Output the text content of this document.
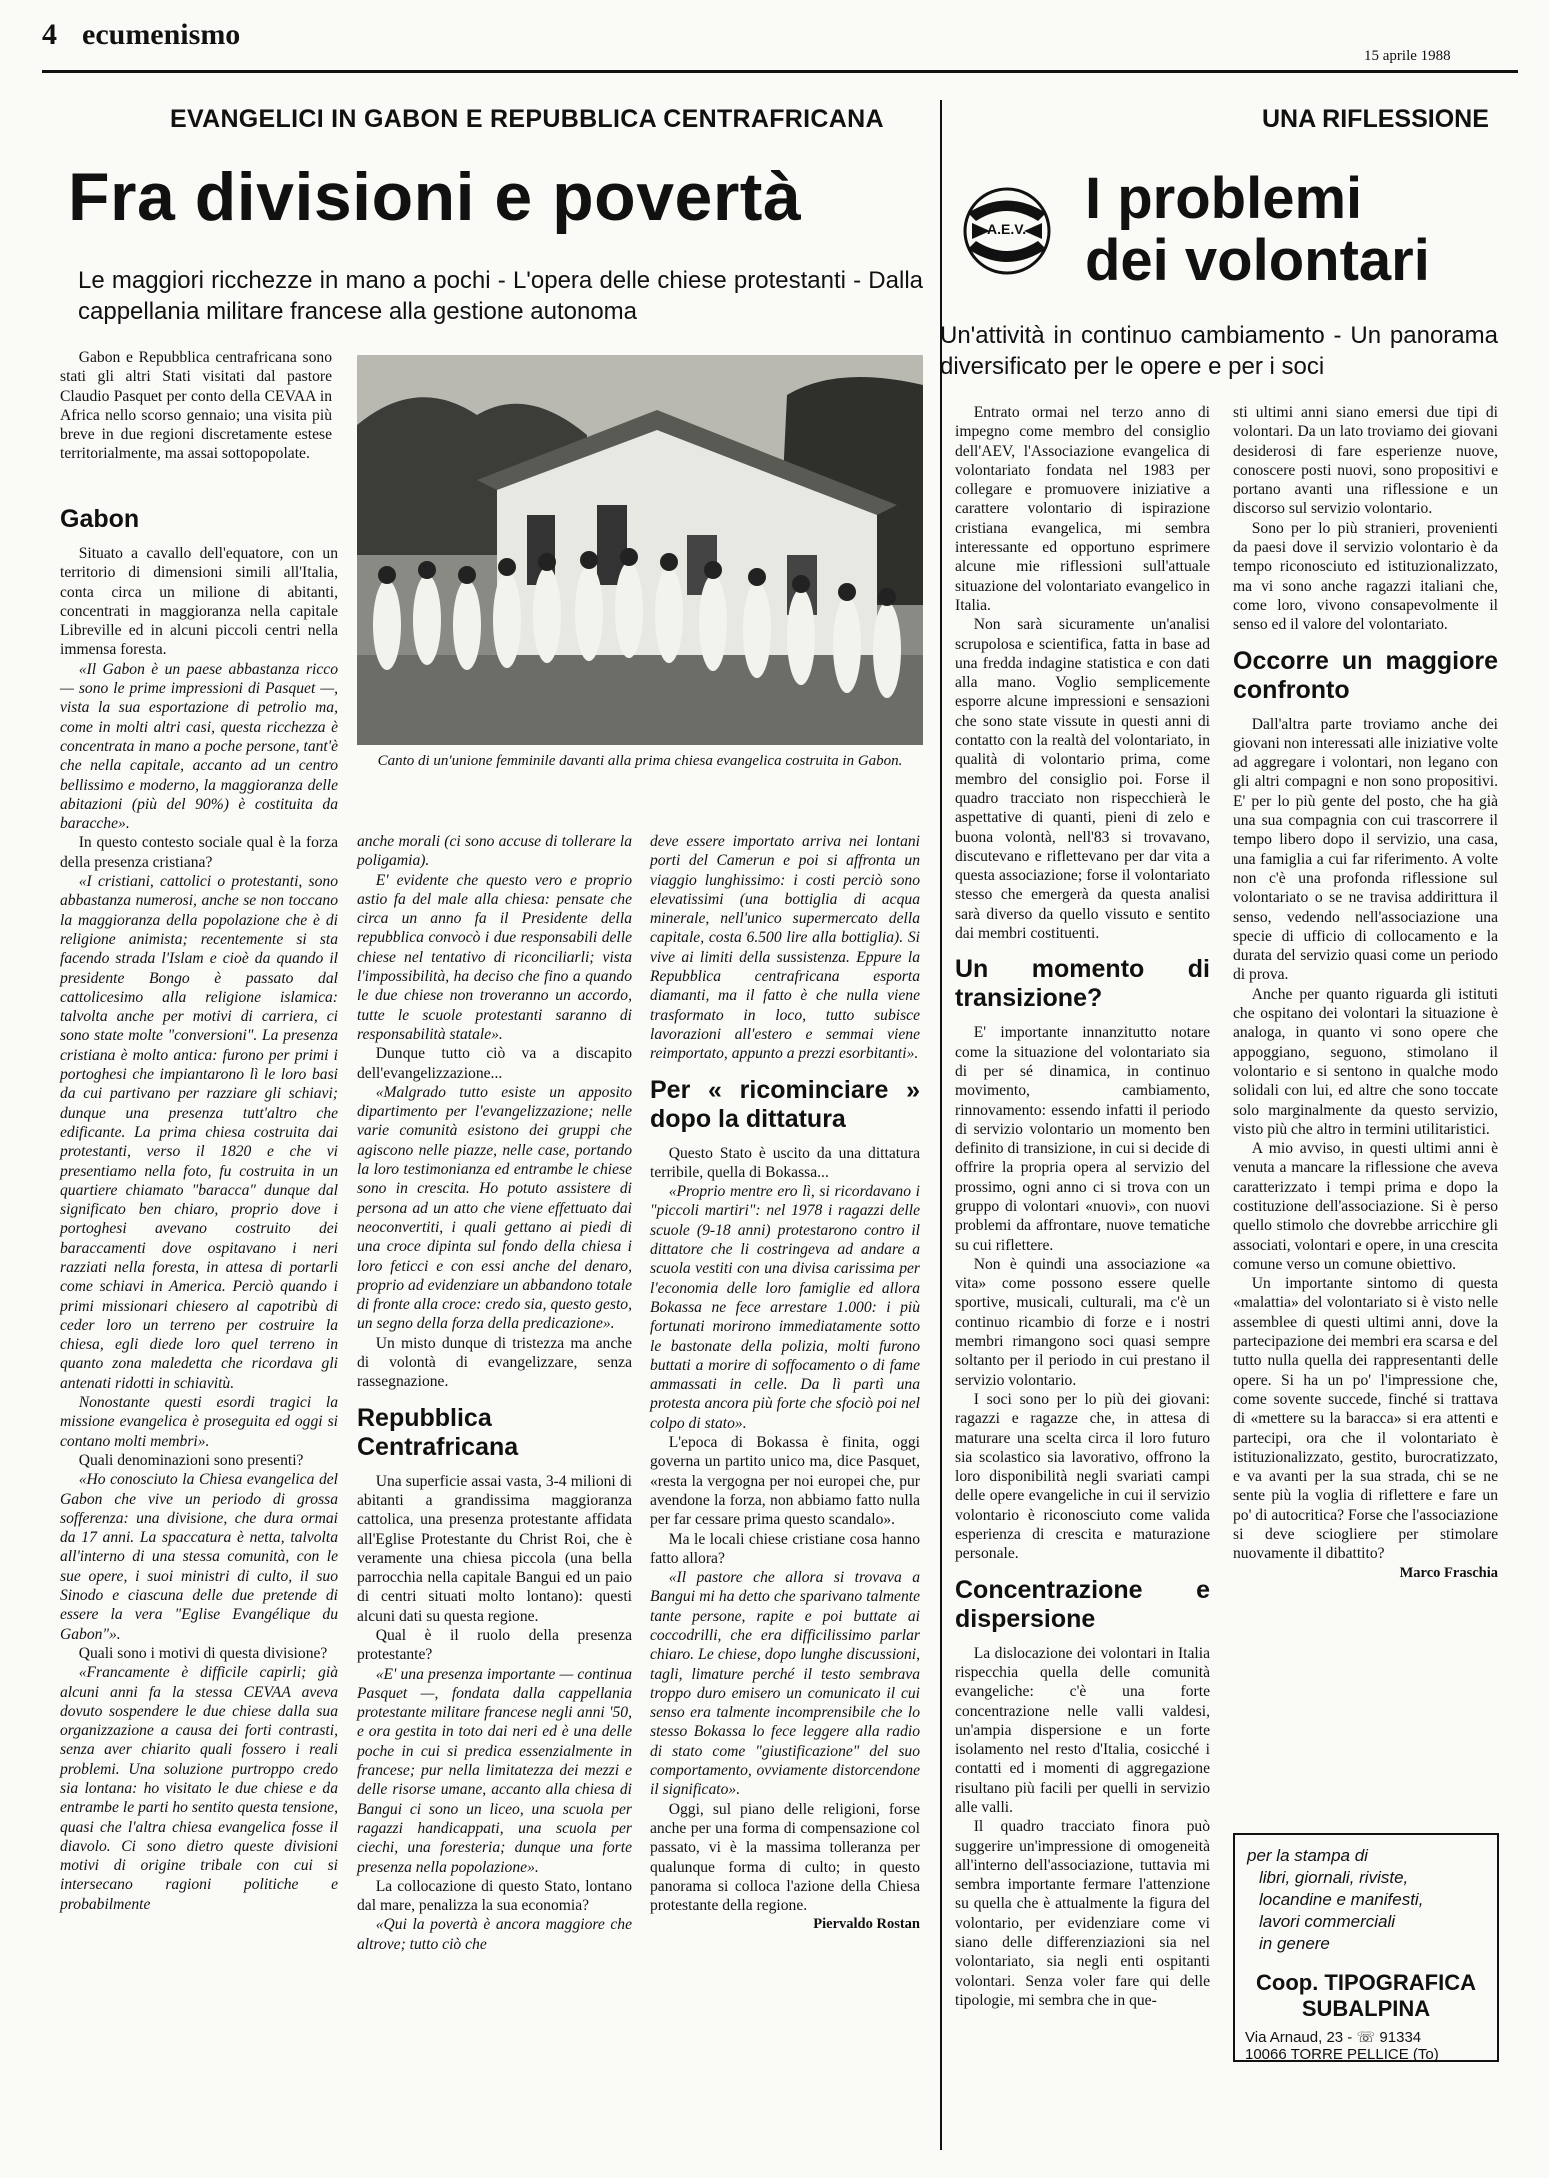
4 ecumenismo
15 aprile 1988
EVANGELICI IN GABON E REPUBBLICA CENTRAFRICANA
Fra divisioni e povertà
Le maggiori ricchezze in mano a pochi - L'opera delle chiese protestanti - Dalla cappellania militare francese alla gestione autonoma
Canto di un'unione femminile davanti alla prima chiesa evangelica costruita in Gabon.

Gabon e Repubblica centrafricana sono stati gli altri Stati visitati dal pastore Claudio Pasquet per conto della CEVAA in Africa nello scorso gennaio; una visita più breve in due regioni discretamente estese territorialmente, ma assai sottopopolate.

Gabon

Situato a cavallo dell'equatore, con un territorio di dimensioni simili all'Italia, conta circa un milione di abitanti, concentrati in maggioranza nella capitale Libreville ed in alcuni piccoli centri nella immensa foresta.

«Il Gabon è un paese abbastanza ricco — sono le prime impressioni di Pasquet —, vista la sua esportazione di petrolio ma, come in molti altri casi, questa ricchezza è concentrata in mano a poche persone, tant'è che nella capitale, accanto ad un centro bellissimo e moderno, la maggioranza delle abitazioni (più del 90%) è costituita da baracche».

In questo contesto sociale qual è la forza della presenza cristiana?

«I cristiani, cattolici o protestanti, sono abbastanza numerosi, anche se non toccano la maggioranza della popolazione che è di religione animista; recentemente si sta facendo strada l'Islam e cioè da quando il presidente Bongo è passato dal cattolicesimo alla religione islamica: talvolta anche per motivi di carriera, ci sono state molte "conversioni". La presenza cristiana è molto antica: furono per primi i portoghesi che impiantarono lì le loro basi da cui partivano per razziare gli schiavi; dunque una presenza tutt'altro che edificante. La prima chiesa costruita dai protestanti, verso il 1820 e che vi presentiamo nella foto, fu costruita in un quartiere chiamato "baracca" dunque dal significato ben chiaro, proprio dove i portoghesi avevano costruito dei baraccamenti dove ospitavano i neri razziati nella foresta, in attesa di portarli come schiavi in America. Perciò quando i primi missionari chiesero al capotribù di ceder loro un terreno per costruire la chiesa, egli diede loro quel terreno in quanto zona maledetta che ricordava gli antenati ridotti in schiavitù.

Nonostante questi esordi tragici la missione evangelica è proseguita ed oggi si contano molti membri».

Quali denominazioni sono presenti?

«Ho conosciuto la Chiesa evangelica del Gabon che vive un periodo di grossa sofferenza: una divisione, che dura ormai da 17 anni. La spaccatura è netta, talvolta all'interno di una stessa comunità, con le sue opere, i suoi ministri di culto, il suo Sinodo e ciascuna delle due pretende di essere la vera "Eglise Evangélique du Gabon"».

Quali sono i motivi di questa divisione?

«Francamente è difficile capirli; già alcuni anni fa la stessa CEVAA aveva dovuto sospendere le due chiese dalla sua organizzazione a causa dei forti contrasti, senza aver chiarito quali fossero i reali problemi. Una soluzione purtroppo credo sia lontana: ho visitato le due chiese e da entrambe le parti ho sentito questa tensione, quasi che l'altra chiesa evangelica fosse il diavolo. Ci sono dietro queste divisioni motivi di origine tribale con cui si intersecano ragioni politiche e probabilmente

anche morali (ci sono accuse di tollerare la poligamia).

E' evidente che questo vero e proprio astio fa del male alla chiesa: pensate che circa un anno fa il Presidente della repubblica convocò i due responsabili delle chiese nel tentativo di riconciliarli; vista l'impossibilità, ha deciso che fino a quando le due chiese non troveranno un accordo, tutte le scuole protestanti saranno di responsabilità statale».

Dunque tutto ciò va a discapito dell'evangelizzazione...

«Malgrado tutto esiste un apposito dipartimento per l'evangelizzazione; nelle varie comunità esistono dei gruppi che agiscono nelle piazze, nelle case, portando la loro testimonianza ed entrambe le chiese sono in crescita. Ho potuto assistere di persona ad un atto che viene effettuato dai neoconvertiti, i quali gettano ai piedi di una croce dipinta sul fondo della chiesa i loro feticci e con essi anche del denaro, proprio ad evidenziare un abbandono totale di fronte alla croce: credo sia, questo gesto, un segno della forza della predicazione».

Un misto dunque di tristezza ma anche di volontà di evangelizzare, senza rassegnazione.

Repubblica Centrafricana

Una superficie assai vasta, 3-4 milioni di abitanti a grandissima maggioranza cattolica, una presenza protestante affidata all'Eglise Protestante du Christ Roi, che è veramente una chiesa piccola (una bella parrocchia nella capitale Bangui ed un paio di centri situati molto lontano): questi alcuni dati su questa regione.

Qual è il ruolo della presenza protestante?

«E' una presenza importante — continua Pasquet —, fondata dalla cappellania protestante militare francese negli anni '50, e ora gestita in toto dai neri ed è una delle poche in cui si predica essenzialmente in francese; pur nella limitatezza dei mezzi e delle risorse umane, accanto alla chiesa di Bangui ci sono un liceo, una scuola per ragazzi handicappati, una scuola per ciechi, una foresteria; dunque una forte presenza nella popolazione».

La collocazione di questo Stato, lontano dal mare, penalizza la sua economia?

«Qui la povertà è ancora maggiore che altrove; tutto ciò che

deve essere importato arriva nei lontani porti del Camerun e poi si affronta un viaggio lunghissimo: i costi perciò sono elevatissimi (una bottiglia di acqua minerale, nell'unico supermercato della capitale, costa 6.500 lire alla bottiglia). Si vive ai limiti della sussistenza. Eppure la Repubblica centrafricana esporta diamanti, ma il fatto è che nulla viene trasformato in loco, tutto subisce lavorazioni all'estero e semmai viene reimportato, appunto a prezzi esorbitanti».

Per « ricominciare » dopo la dittatura

Questo Stato è uscito da una dittatura terribile, quella di Bokassa...

«Proprio mentre ero lì, si ricordavano i "piccoli martiri": nel 1978 i ragazzi delle scuole (9-18 anni) protestarono contro il dittatore che li costringeva ad andare a scuola vestiti con una divisa carissima per l'economia delle loro famiglie ed allora Bokassa ne fece arrestare 1.000: i più fortunati morirono immediatamente sotto le bastonate della polizia, molti furono buttati a morire di soffocamento o di fame ammassati in celle. Da lì partì una protesta ancora più forte che sfociò poi nel colpo di stato».

L'epoca di Bokassa è finita, oggi governa un partito unico ma, dice Pasquet, «resta la vergogna per noi europei che, pur avendone la forza, non abbiamo fatto nulla per far cessare prima questo scandalo».

Ma le locali chiese cristiane cosa hanno fatto allora?

«Il pastore che allora si trovava a Bangui mi ha detto che sparivano talmente tante persone, rapite e poi buttate ai coccodrilli, che era difficilissimo parlar chiaro. Le chiese, dopo lunghe discussioni, tagli, limature perché il testo sembrava troppo duro emisero un comunicato il cui senso era talmente incomprensibile che lo stesso Bokassa lo fece leggere alla radio di stato come "giustificazione" del suo comportamento, ovviamente distorcendone il significato».

Oggi, sul piano delle religioni, forse anche per una forma di compensazione col passato, vi è la massima tolleranza per qualunque forma di culto; in questo panorama si colloca l'azione della Chiesa protestante della regione.

Piervaldo Rostan

UNA RIFLESSIONE
A.E.V. I problemi
dei volontari
Un'attività in continuo cambiamento - Un panorama diversificato per le opere e per i soci

Entrato ormai nel terzo anno di impegno come membro del consiglio dell'AEV, l'Associazione evangelica di volontariato fondata nel 1983 per collegare e promuovere iniziative a carattere volontario di ispirazione cristiana evangelica, mi sembra interessante ed opportuno esprimere alcune mie riflessioni sull'attuale situazione del volontariato evangelico in Italia.

Non sarà sicuramente un'analisi scrupolosa e scientifica, fatta in base ad una fredda indagine statistica e con dati alla mano. Voglio semplicemente esporre alcune impressioni e sensazioni che sono state vissute in questi anni di contatto con la realtà del volontariato, in qualità di volontario prima, come membro del consiglio poi. Forse il quadro tracciato non rispecchierà le aspettative di quanti, pieni di zelo e buona volontà, nell'83 si trovavano, discutevano e riflettevano per dar vita a questa associazione; forse il volontariato stesso che emergerà da questa analisi sarà diverso da quello vissuto e sentito dai membri costituenti.

Un momento di transizione?

E' importante innanzitutto notare come la situazione del volontariato sia di per sé dinamica, in continuo movimento, cambiamento, rinnovamento: essendo infatti il periodo di servizio volontario un momento ben definito di transizione, in cui si decide di offrire la propria opera al servizio del prossimo, ogni anno ci si trova con un gruppo di volontari «nuovi», con nuovi problemi da affrontare, nuove tematiche su cui riflettere.

Non è quindi una associazione «a vita» come possono essere quelle sportive, musicali, culturali, ma c'è un continuo ricambio di forze e i nostri membri rimangono soci quasi sempre soltanto per il periodo in cui prestano il servizio volontario.

I soci sono per lo più dei giovani: ragazzi e ragazze che, in attesa di maturare una scelta circa il loro futuro sia scolastico sia lavorativo, offrono la loro disponibilità negli svariati campi delle opere evangeliche in cui il servizio volontario è riconosciuto come valida esperienza di crescita e maturazione personale.

Concentrazione e dispersione

La dislocazione dei volontari in Italia rispecchia quella delle comunità evangeliche: c'è una forte concentrazione nelle valli valdesi, un'ampia dispersione e un forte isolamento nel resto d'Italia, cosicché i contatti ed i momenti di aggregazione risultano più facili per quelli in servizio alle valli.

Il quadro tracciato finora può suggerire un'impressione di omogeneità all'interno dell'associazione, tuttavia mi sembra importante fermare l'attenzione su quella che è attualmente la figura del volontario, per evidenziare come vi siano delle differenziazioni sia nel volontariato, sia negli enti ospitanti volontari. Senza voler fare qui delle tipologie, mi sembra che in que-

sti ultimi anni siano emersi due tipi di volontari. Da un lato troviamo dei giovani desiderosi di fare esperienze nuove, conoscere posti nuovi, sono propositivi e portano avanti una riflessione e un discorso sul servizio volontario.

Sono per lo più stranieri, provenienti da paesi dove il servizio volontario è da tempo riconosciuto ed istituzionalizzato, ma vi sono anche ragazzi italiani che, come loro, vivono consapevolmente il senso ed il valore del volontariato.

Occorre un maggiore confronto

Dall'altra parte troviamo anche dei giovani non interessati alle iniziative volte ad aggregare i volontari, non legano con gli altri compagni e non sono propositivi. E' per lo più gente del posto, che ha già una sua compagnia con cui trascorrere il tempo libero dopo il servizio, una casa, una famiglia a cui far riferimento. A volte non c'è una profonda riflessione sul volontariato o se ne travisa addirittura il senso, vedendo nell'associazione una specie di ufficio di collocamento e la durata del servizio quasi come un periodo di prova.

Anche per quanto riguarda gli istituti che ospitano dei volontari la situazione è analoga, in quanto vi sono opere che appoggiano, seguono, stimolano il volontario e si sentono in qualche modo solidali con lui, ed altre che sono toccate solo marginalmente da questo servizio, visto più che altro in termini utilitaristici.

A mio avviso, in questi ultimi anni è venuta a mancare la riflessione che aveva caratterizzato i tempi prima e dopo la costituzione dell'associazione. Si è perso quello stimolo che dovrebbe arricchire gli associati, volontari e opere, in una crescita comune verso un comune obiettivo.

Un importante sintomo di questa «malattia» del volontariato si è visto nelle assemblee di questi ultimi anni, dove la partecipazione dei membri era scarsa e del tutto nulla quella dei rappresentanti delle opere. Si ha un po' l'impressione che, come sovente succede, finché si trattava di «mettere su la baracca» si era attenti e partecipi, ora che il volontariato è istituzionalizzato, gestito, burocratizzato, e va avanti per la sua strada, chi se ne sente più la voglia di riflettere e fare un po' di autocritica? Forse che l'associazione si deve sciogliere per stimolare nuovamente il dibattito?

Marco Fraschia

per la stampa di
libri, giornali, riviste,
locandine e manifesti,
lavori commerciali
in genere
Coop. TIPOGRAFICA
SUBALPINA
Via Arnaud, 23 - ☏ 91334
10066 TORRE PELLICE (To)
